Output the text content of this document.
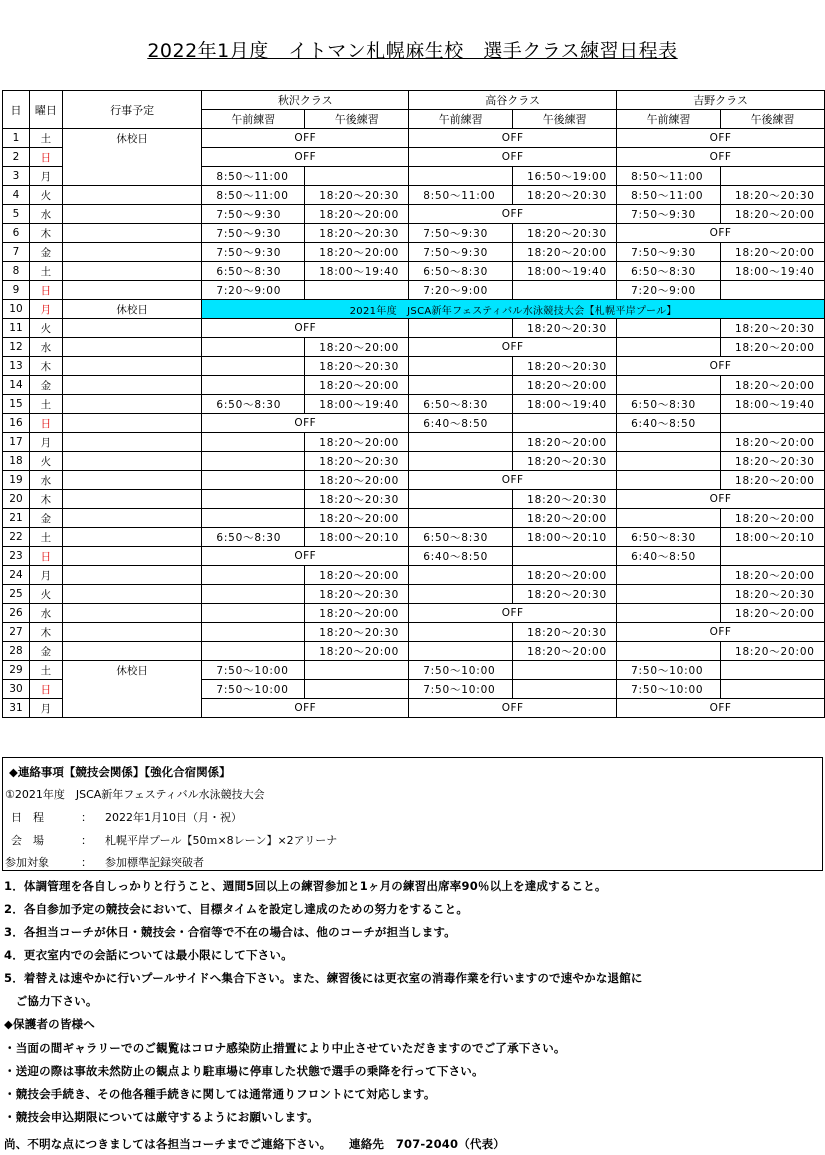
2022年1月度　イトマン札幌麻生校　選手クラス練習日程表
日	曜日	行事予定	秋沢クラス		高谷クラス		吉野クラス	
			午前練習	午後練習	午前練習	午後練習	午前練習	午後練習
1	土	休校日	OFF		OFF		OFF	
2	日		OFF		OFF		OFF	
3	月		8:50～11:00			16:50～19:00	8:50～11:00	
4	火		8:50～11:00	18:20～20:30	8:50～11:00	18:20～20:30	8:50～11:00	18:20～20:30
5	水		7:50～9:30	18:20～20:00	OFF		7:50～9:30	18:20～20:00
6	木		7:50～9:30	18:20～20:30	7:50～9:30	18:20～20:30	OFF	
7	金		7:50～9:30	18:20～20:00	7:50～9:30	18:20～20:00	7:50～9:30	18:20～20:00
8	土		6:50～8:30	18:00～19:40	6:50～8:30	18:00～19:40	6:50～8:30	18:00～19:40
9	日		7:20～9:00		7:20～9:00		7:20～9:00	
10	月	休校日	2021年度　JSCA新年フェスティバル水泳競技大会【札幌平岸プール】					
11	火		OFF			18:20～20:30		18:20～20:30
12	水			18:20～20:00	OFF			18:20～20:00
13	木			18:20～20:30		18:20～20:30	OFF	
14	金			18:20～20:00		18:20～20:00		18:20～20:00
15	土		6:50～8:30	18:00～19:40	6:50～8:30	18:00～19:40	6:50～8:30	18:00～19:40
16	日		OFF		6:40～8:50		6:40～8:50	
17	月			18:20～20:00		18:20～20:00		18:20～20:00
18	火			18:20～20:30		18:20～20:30		18:20～20:30
19	水			18:20～20:00	OFF			18:20～20:00
20	木			18:20～20:30		18:20～20:30	OFF	
21	金			18:20～20:00		18:20～20:00		18:20～20:00
22	土		6:50～8:30	18:00～20:10	6:50～8:30	18:00～20:10	6:50～8:30	18:00～20:10
23	日		OFF		6:40～8:50		6:40～8:50	
24	月			18:20～20:00		18:20～20:00		18:20～20:00
25	火			18:20～20:30		18:20～20:30		18:20～20:30
26	水			18:20～20:00	OFF			18:20～20:00
27	木			18:20～20:30		18:20～20:30	OFF	
28	金			18:20～20:00		18:20～20:00		18:20～20:00
29	土	休校日	7:50～10:00		7:50～10:00		7:50～10:00	
30	日		7:50～10:00		7:50～10:00		7:50～10:00	
31	月		OFF		OFF		OFF	
◆連絡事項【競技会関係】【強化合宿関係】
①2021年度　JSCA新年フェスティバル水泳競技大会
日　程	： 2022年1月10日（月・祝）
会　場	： 札幌平岸プール【50ｍ×8レーン】×2アリーナ
参加対象	： 参加標準記録突破者
1．体調管理を各自しっかりと行うこと、週間5回以上の練習参加と1ヶ月の練習出席率90％以上を達成すること。
2．各自参加予定の競技会において、目標タイムを設定し達成のための努力をすること。
3．各担当コーチが休日・競技会・合宿等で不在の場合は、他のコーチが担当します。
4．更衣室内での会話については最小限にして下さい。
5．着替えは速やかに行いプールサイドへ集合下さい。また、練習後には更衣室の消毒作業を行いますので速やかな退館に
　ご協力下さい。
◆保護者の皆様へ
・当面の間ギャラリーでのご観覧はコロナ感染防止措置により中止させていただきますのでご了承下さい。
・送迎の際は事故未然防止の観点より駐車場に停車した状態で選手の乗降を行って下さい。
・競技会手続き、その他各種手続きに関しては通常通りフロントにて対応します。
・競技会申込期限については厳守するようにお願いします。
尚、不明な点につきましては各担当コーチまでご連絡下さい。　　連絡先　707-2040（代表）
